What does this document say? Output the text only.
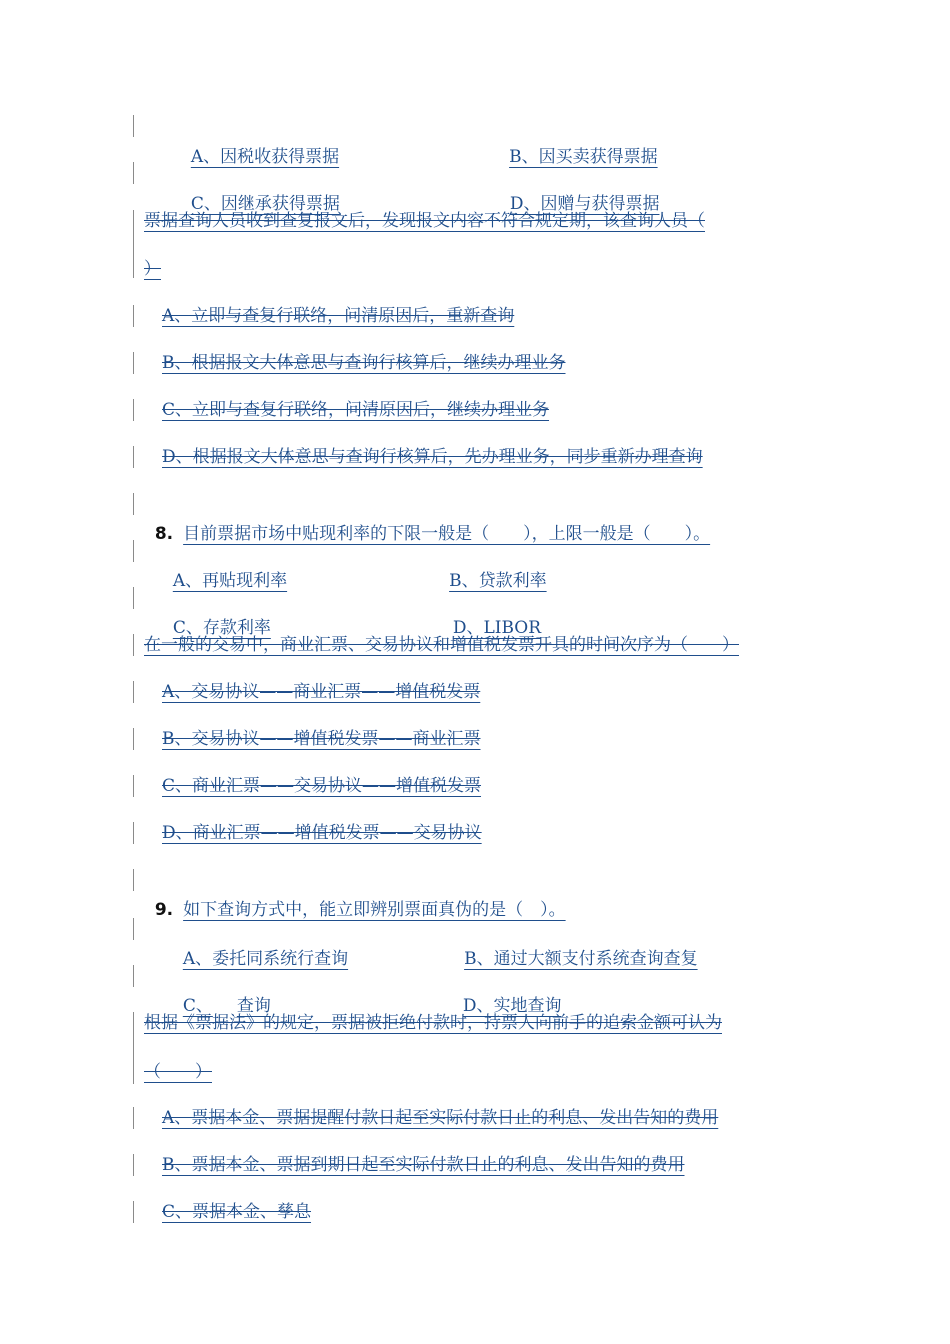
A、因税收获得票据	B、因买卖获得票据

C、因继承获得票据	D、因赠与获得票据

票据查询人员收到查复报文后，发现报文内容不符合规定期，该查询人员（
）
A、立即与查复行联络，问清原因后，重新查询
B、根据报文大体意思与查询行核算后，继续办理业务
C、立即与查复行联络，问清原因后，继续办理业务
D、根据报文大体意思与查询行核算后，先办理业务，同步重新办理查询

8. 目前票据市场中贴现利率的下限一般是（　　），上限一般是（　　）。

A、再贴现利率	B、贷款利率

C、存款利率	D、LIBOR

在一般的交易中，商业汇票、交易协议和增值税发票开具的时间次序为（　　）
A、交易协议——商业汇票——增值税发票
B、交易协议——增值税发票——商业汇票
C、商业汇票——交易协议——增值税发票
D、商业汇票——增值税发票——交易协议

9. 如下查询方式中，能立即辨别票面真伪的是（　）。

A、委托同系统行查询	B、通过大额支付系统查询查复

C、 查询	D、实地查询

根据《票据法》的规定，票据被拒绝付款时，持票人向前手的追索金额可认为
（　　）
A、票据本金、票据提醒付款日起至实际付款日止的利息、发出告知的费用
B、票据本金、票据到期日起至实际付款日止的利息、发出告知的费用
C、票据本金、孳息
